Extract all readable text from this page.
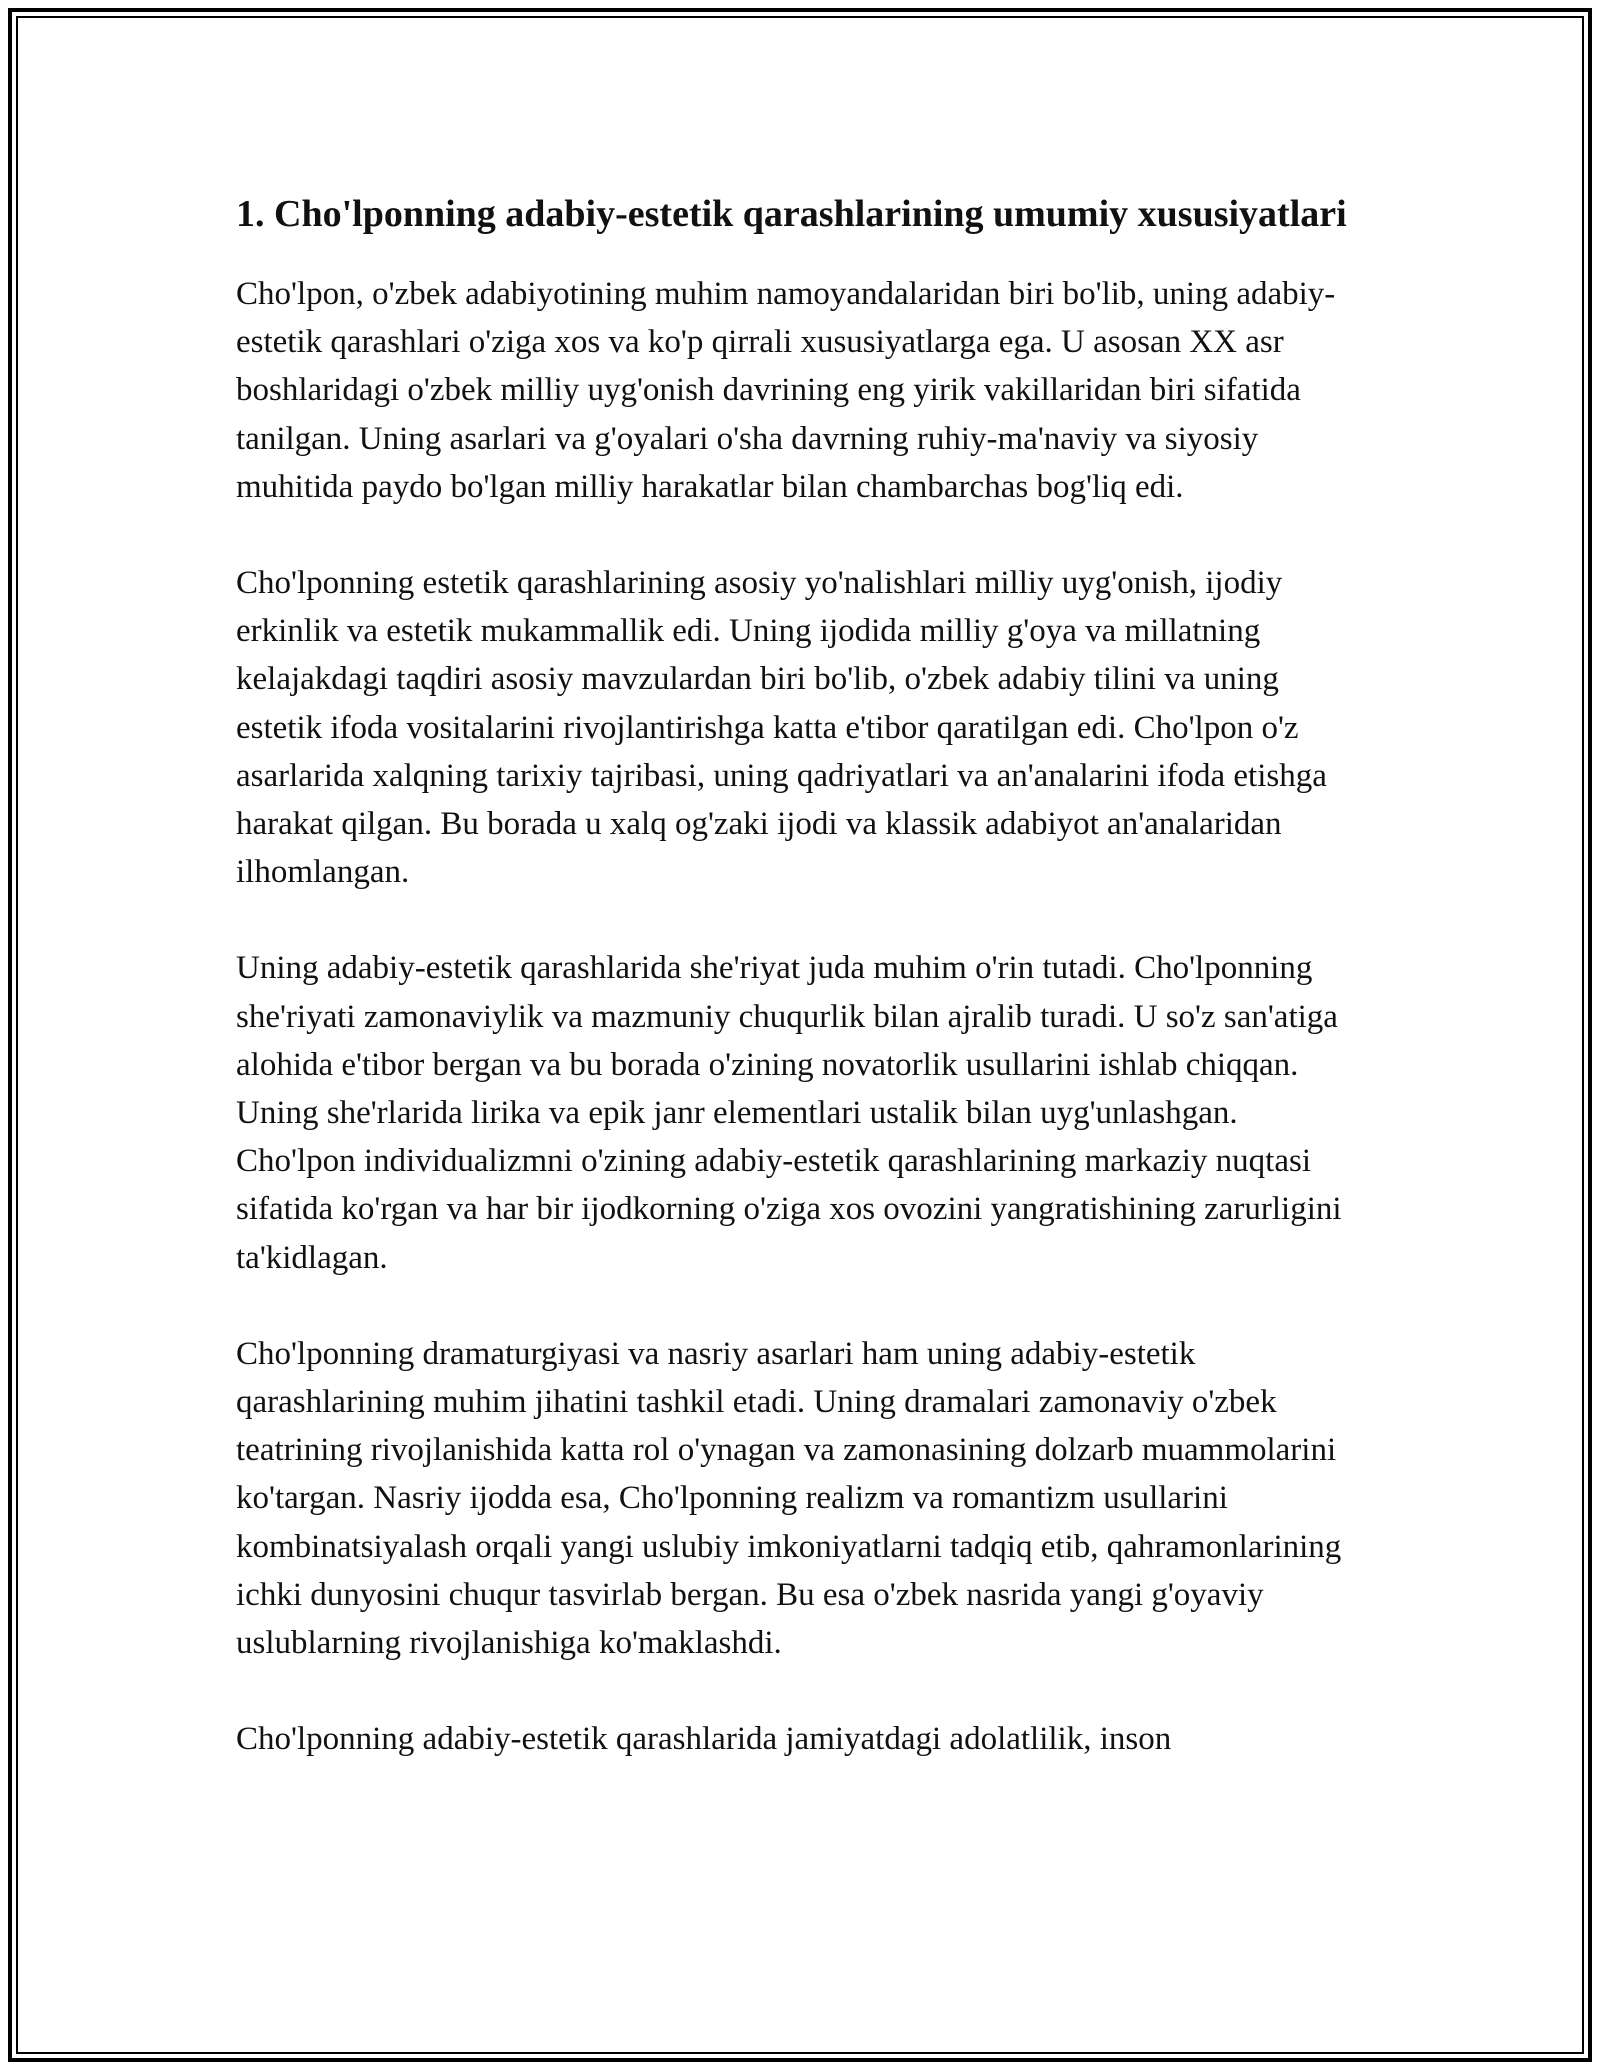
1. Cho'lponning adabiy-estetik qarashlarining umumiy xususiyatlari

Cho'lpon, o'zbek adabiyotining muhim namoyandalaridan biri bo'lib, uning adabiy-estetik qarashlari o'ziga xos va ko'p qirrali xususiyatlarga ega. U asosan XX asr boshlaridagi o'zbek milliy uyg'onish davrining eng yirik vakillaridan biri sifatida tanilgan. Uning asarlari va g'oyalari o'sha davrning ruhiy-ma'naviy va siyosiy muhitida paydo bo'lgan milliy harakatlar bilan chambarchas bog'liq edi.

Cho'lponning estetik qarashlarining asosiy yo'nalishlari milliy uyg'onish, ijodiy erkinlik va estetik mukammallik edi. Uning ijodida milliy g'oya va millatning kelajakdagi taqdiri asosiy mavzulardan biri bo'lib, o'zbek adabiy tilini va uning estetik ifoda vositalarini rivojlantirishga katta e'tibor qaratilgan edi. Cho'lpon o'z asarlarida xalqning tarixiy tajribasi, uning qadriyatlari va an'analarini ifoda etishga harakat qilgan. Bu borada u xalq og'zaki ijodi va klassik adabiyot an'analaridan ilhomlangan.

Uning adabiy-estetik qarashlarida she'riyat juda muhim o'rin tutadi. Cho'lponning she'riyati zamonaviylik va mazmuniy chuqurlik bilan ajralib turadi. U so'z san'atiga alohida e'tibor bergan va bu borada o'zining novatorlik usullarini ishlab chiqqan. Uning she'rlarida lirika va epik janr elementlari ustalik bilan uyg'unlashgan. Cho'lpon individualizmni o'zining adabiy-estetik qarashlarining markaziy nuqtasi sifatida ko'rgan va har bir ijodkorning o'ziga xos ovozini yangratishining zarurligini ta'kidlagan.

Cho'lponning dramaturgiyasi va nasriy asarlari ham uning adabiy-estetik qarashlarining muhim jihatini tashkil etadi. Uning dramalari zamonaviy o'zbek teatrining rivojlanishida katta rol o'ynagan va zamonasining dolzarb muammolarini ko'targan. Nasriy ijodda esa, Cho'lponning realizm va romantizm usullarini kombinatsiyalash orqali yangi uslubiy imkoniyatlarni tadqiq etib, qahramonlarining ichki dunyosini chuqur tasvirlab bergan. Bu esa o'zbek nasrida yangi g'oyaviy uslublarning rivojlanishiga ko'maklashdi.

Cho'lponning adabiy-estetik qarashlarida jamiyatdagi adolatlilik, inson
